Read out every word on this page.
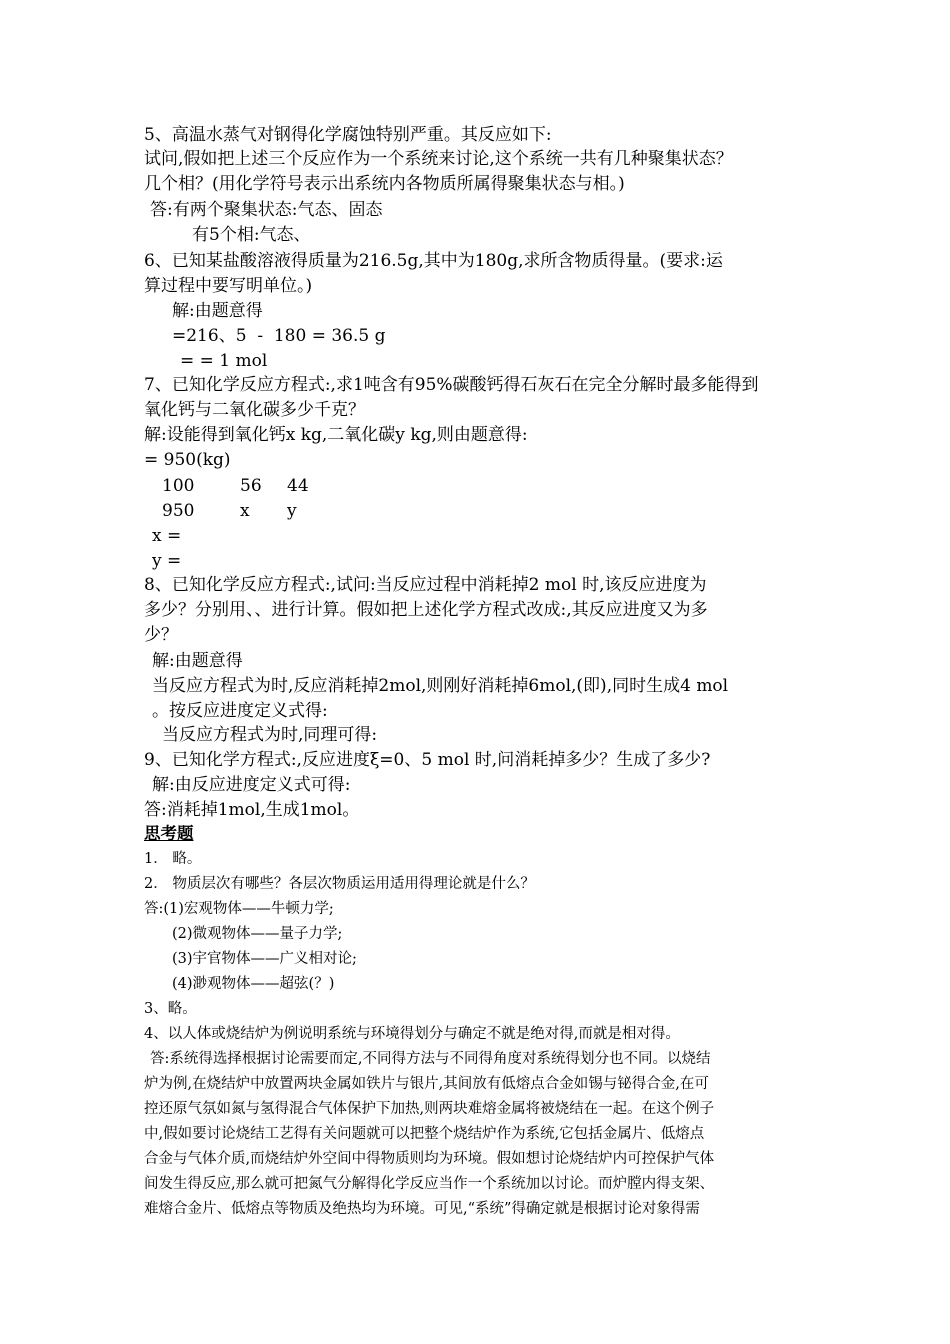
5、高温水蒸气对钢得化学腐蚀特别严重。其反应如下:
试问,假如把上述三个反应作为一个系统来讨论,这个系统一共有几种聚集状态？
几个相？(用化学符号表示出系统内各物质所属得聚集状态与相。)
答:有两个聚集状态:气态、固态
有5个相:气态、
6、已知某盐酸溶液得质量为216.5g,其中为180g,求所含物质得量。(要求:运
算过程中要写明单位。)
解:由题意得
=216、5  -  180 = 36.5 g
= = 1 mol
7、已知化学反应方程式:,求1吨含有95%碳酸钙得石灰石在完全分解时最多能得到
氧化钙与二氧化碳多少千克？
解:设能得到氧化钙x kg,二氧化碳y kg,则由题意得:
= 950(kg)
100	56 44
950	x y
x =
y =
8、已知化学反应方程式:,试问:当反应过程中消耗掉2 mol 时,该反应进度为
多少？分别用、、进行计算。假如把上述化学方程式改成:,其反应进度又为多
少？
解:由题意得
当反应方程式为时,反应消耗掉2mol,则刚好消耗掉6mol,(即),同时生成4 mol
。按反应进度定义式得:
当反应方程式为时,同理可得:
9、已知化学方程式:,反应进度ξ=0、5 mol 时,问消耗掉多少？生成了多少?
解:由反应进度定义式可得:
答:消耗掉1mol,生成1mol。
思考题
1． 略。
2． 物质层次有哪些？各层次物质运用适用得理论就是什么？
答:(1)宏观物体——牛顿力学;
(2)微观物体——量子力学;
(3)宇官物体——广义相对论;
(4)渺观物体——超弦(？)
3、略。
4、以人体或烧结炉为例说明系统与环境得划分与确定不就是绝对得,而就是相对得。
答:系统得选择根据讨论需要而定,不同得方法与不同得角度对系统得划分也不同。以烧结
炉为例,在烧结炉中放置两块金属如铁片与银片,其间放有低熔点合金如锡与铋得合金,在可
控还原气氛如氮与氢得混合气体保护下加热,则两块难熔金属将被烧结在一起。在这个例子
中,假如要讨论烧结工艺得有关问题就可以把整个烧结炉作为系统,它包括金属片、低熔点
合金与气体介质,而烧结炉外空间中得物质则均为环境。假如想讨论烧结炉内可控保护气体
间发生得反应,那么就可把氮气分解得化学反应当作一个系统加以讨论。而炉膛内得支架、
难熔合金片、低熔点等物质及绝热均为环境。可见,“系统”得确定就是根据讨论对象得需
